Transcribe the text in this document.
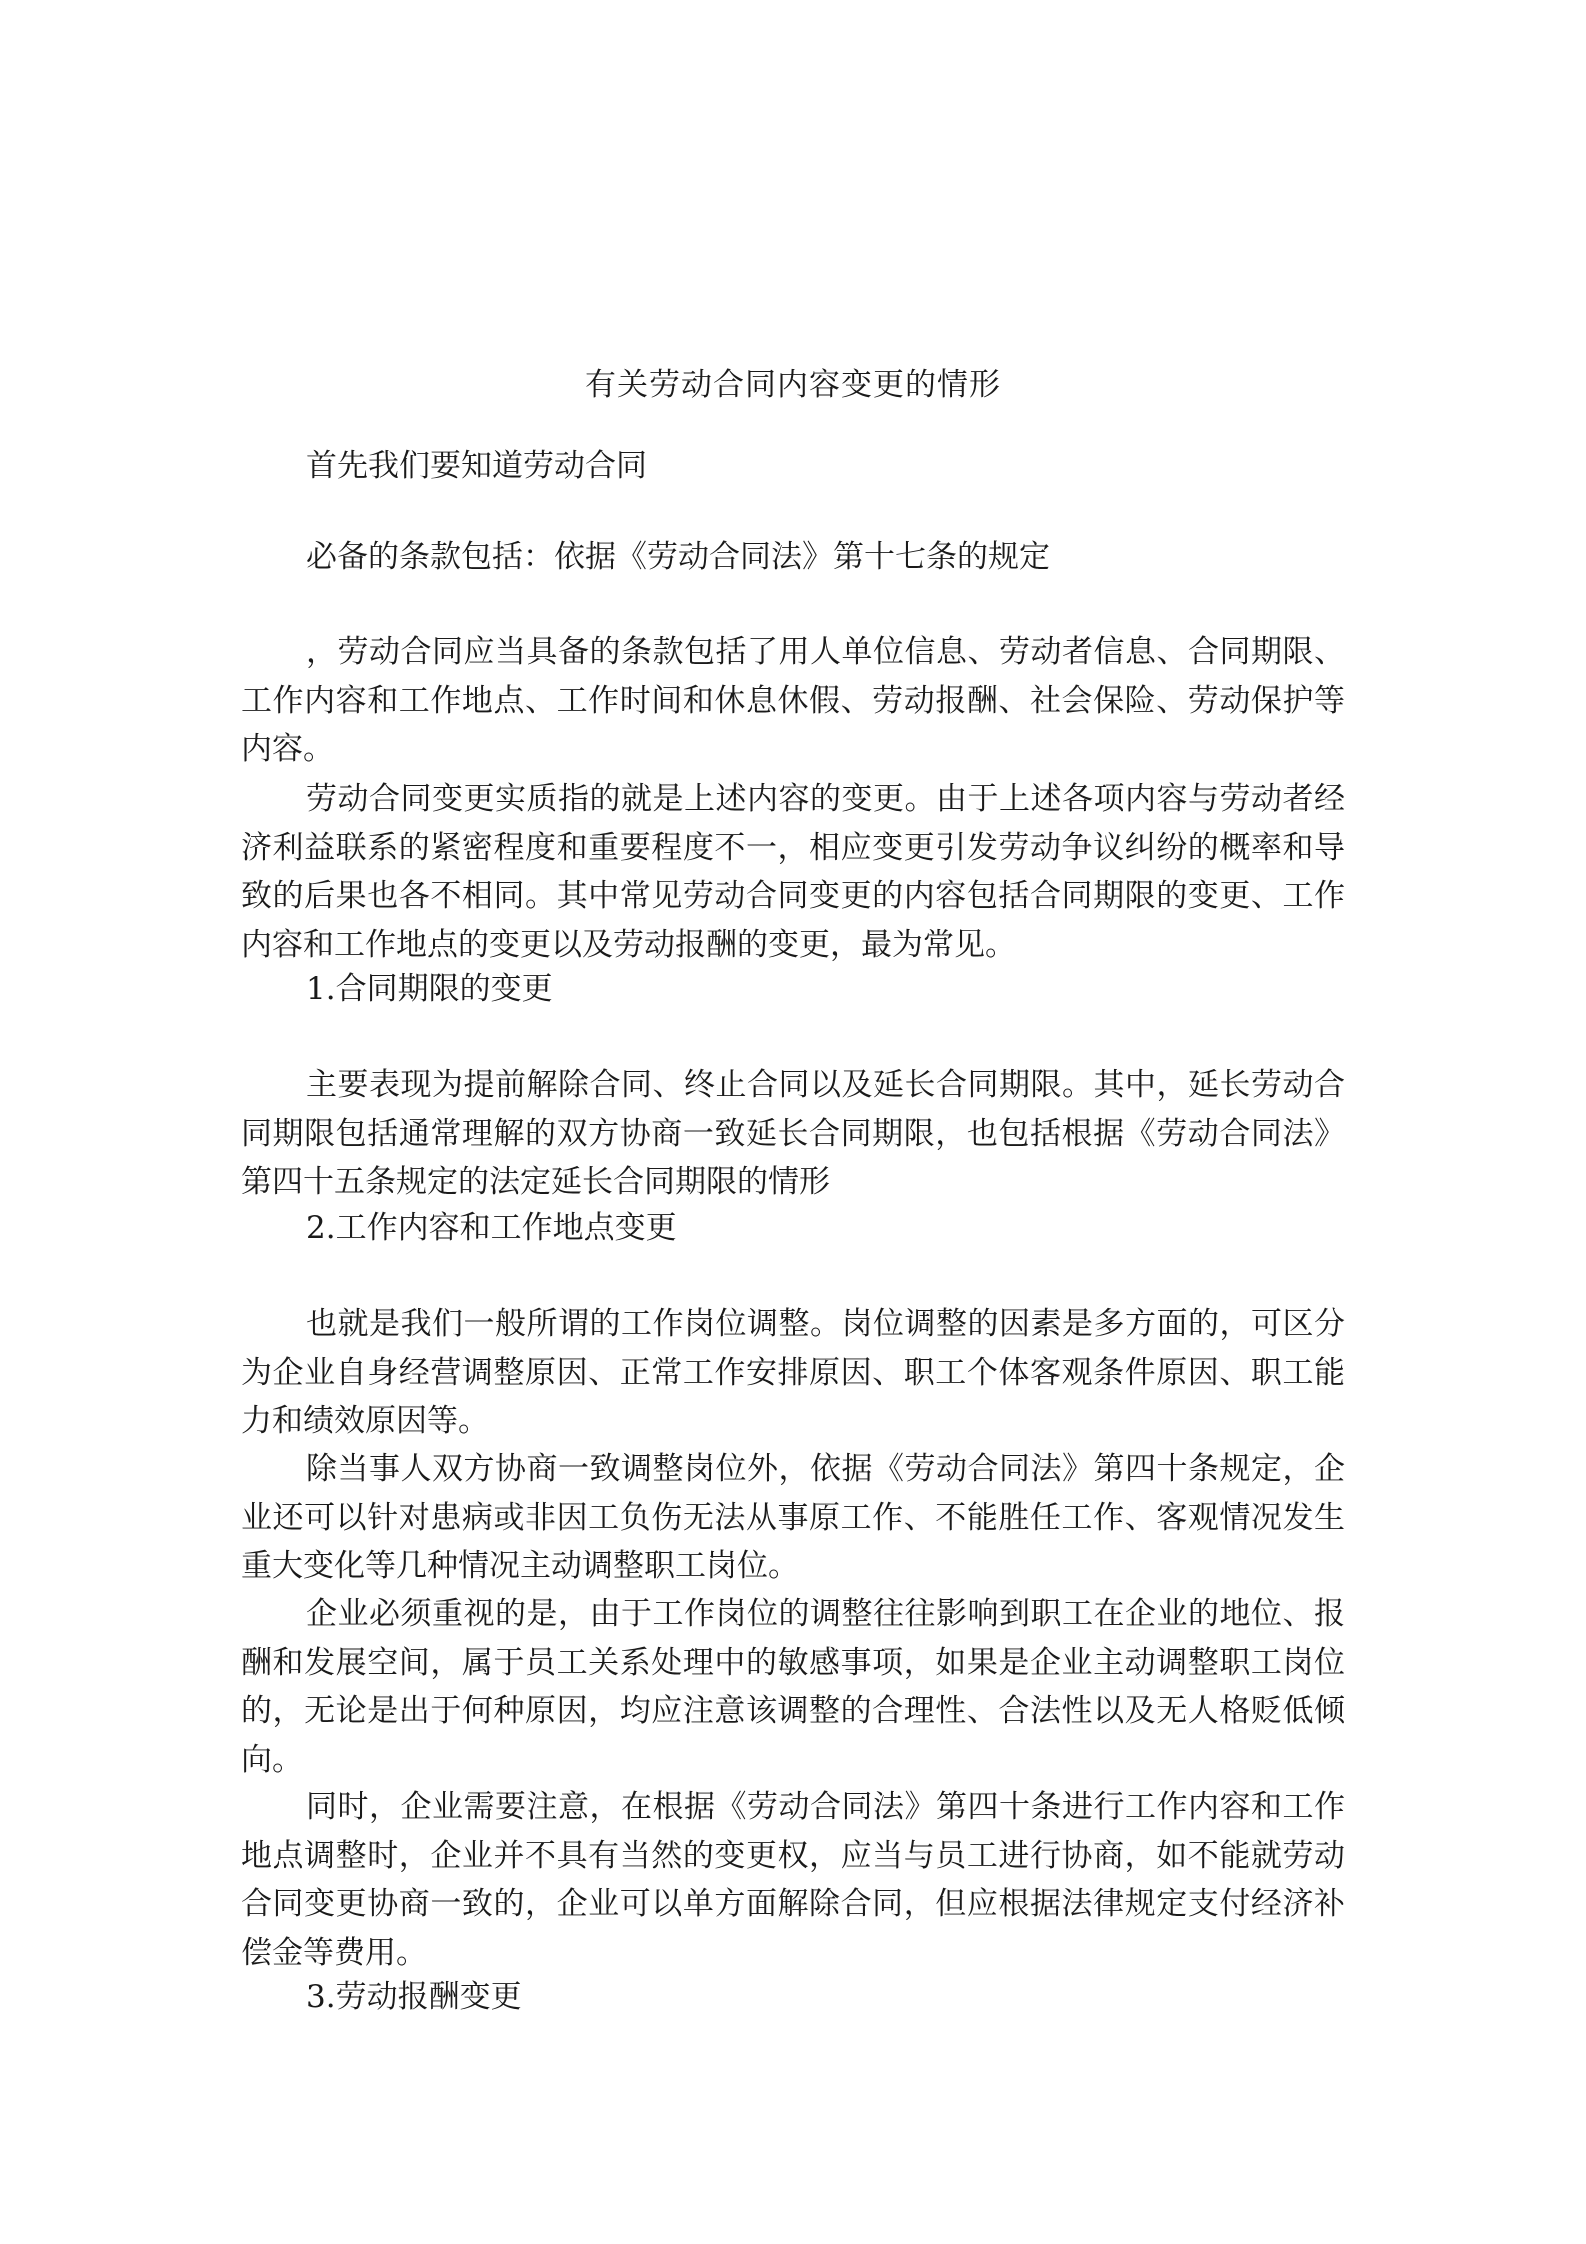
有关劳动合同内容变更的情形

首先我们要知道劳动合同

必备的条款包括：依据《劳动合同法》第十七条的规定

，劳动合同应当具备的条款包括了用人单位信息、劳动者信息、合同期限、工作内容和工作地点、工作时间和休息休假、劳动报酬、社会保险、劳动保护等内容。

劳动合同变更实质指的就是上述内容的变更。由于上述各项内容与劳动者经济利益联系的紧密程度和重要程度不一，相应变更引发劳动争议纠纷的概率和导致的后果也各不相同。其中常见劳动合同变更的内容包括合同期限的变更、工作内容和工作地点的变更以及劳动报酬的变更，最为常见。

1.合同期限的变更

主要表现为提前解除合同、终止合同以及延长合同期限。其中，延长劳动合同期限包括通常理解的双方协商一致延长合同期限，也包括根据《劳动合同法》第四十五条规定的法定延长合同期限的情形

2.工作内容和工作地点变更

也就是我们一般所谓的工作岗位调整。岗位调整的因素是多方面的，可区分为企业自身经营调整原因、正常工作安排原因、职工个体客观条件原因、职工能力和绩效原因等。

除当事人双方协商一致调整岗位外，依据《劳动合同法》第四十条规定，企业还可以针对患病或非因工负伤无法从事原工作、不能胜任工作、客观情况发生重大变化等几种情况主动调整职工岗位。

企业必须重视的是，由于工作岗位的调整往往影响到职工在企业的地位、报酬和发展空间，属于员工关系处理中的敏感事项，如果是企业主动调整职工岗位的，无论是出于何种原因，均应注意该调整的合理性、合法性以及无人格贬低倾向。

同时，企业需要注意，在根据《劳动合同法》第四十条进行工作内容和工作地点调整时，企业并不具有当然的变更权，应当与员工进行协商，如不能就劳动合同变更协商一致的，企业可以单方面解除合同，但应根据法律规定支付经济补偿金等费用。

3.劳动报酬变更
